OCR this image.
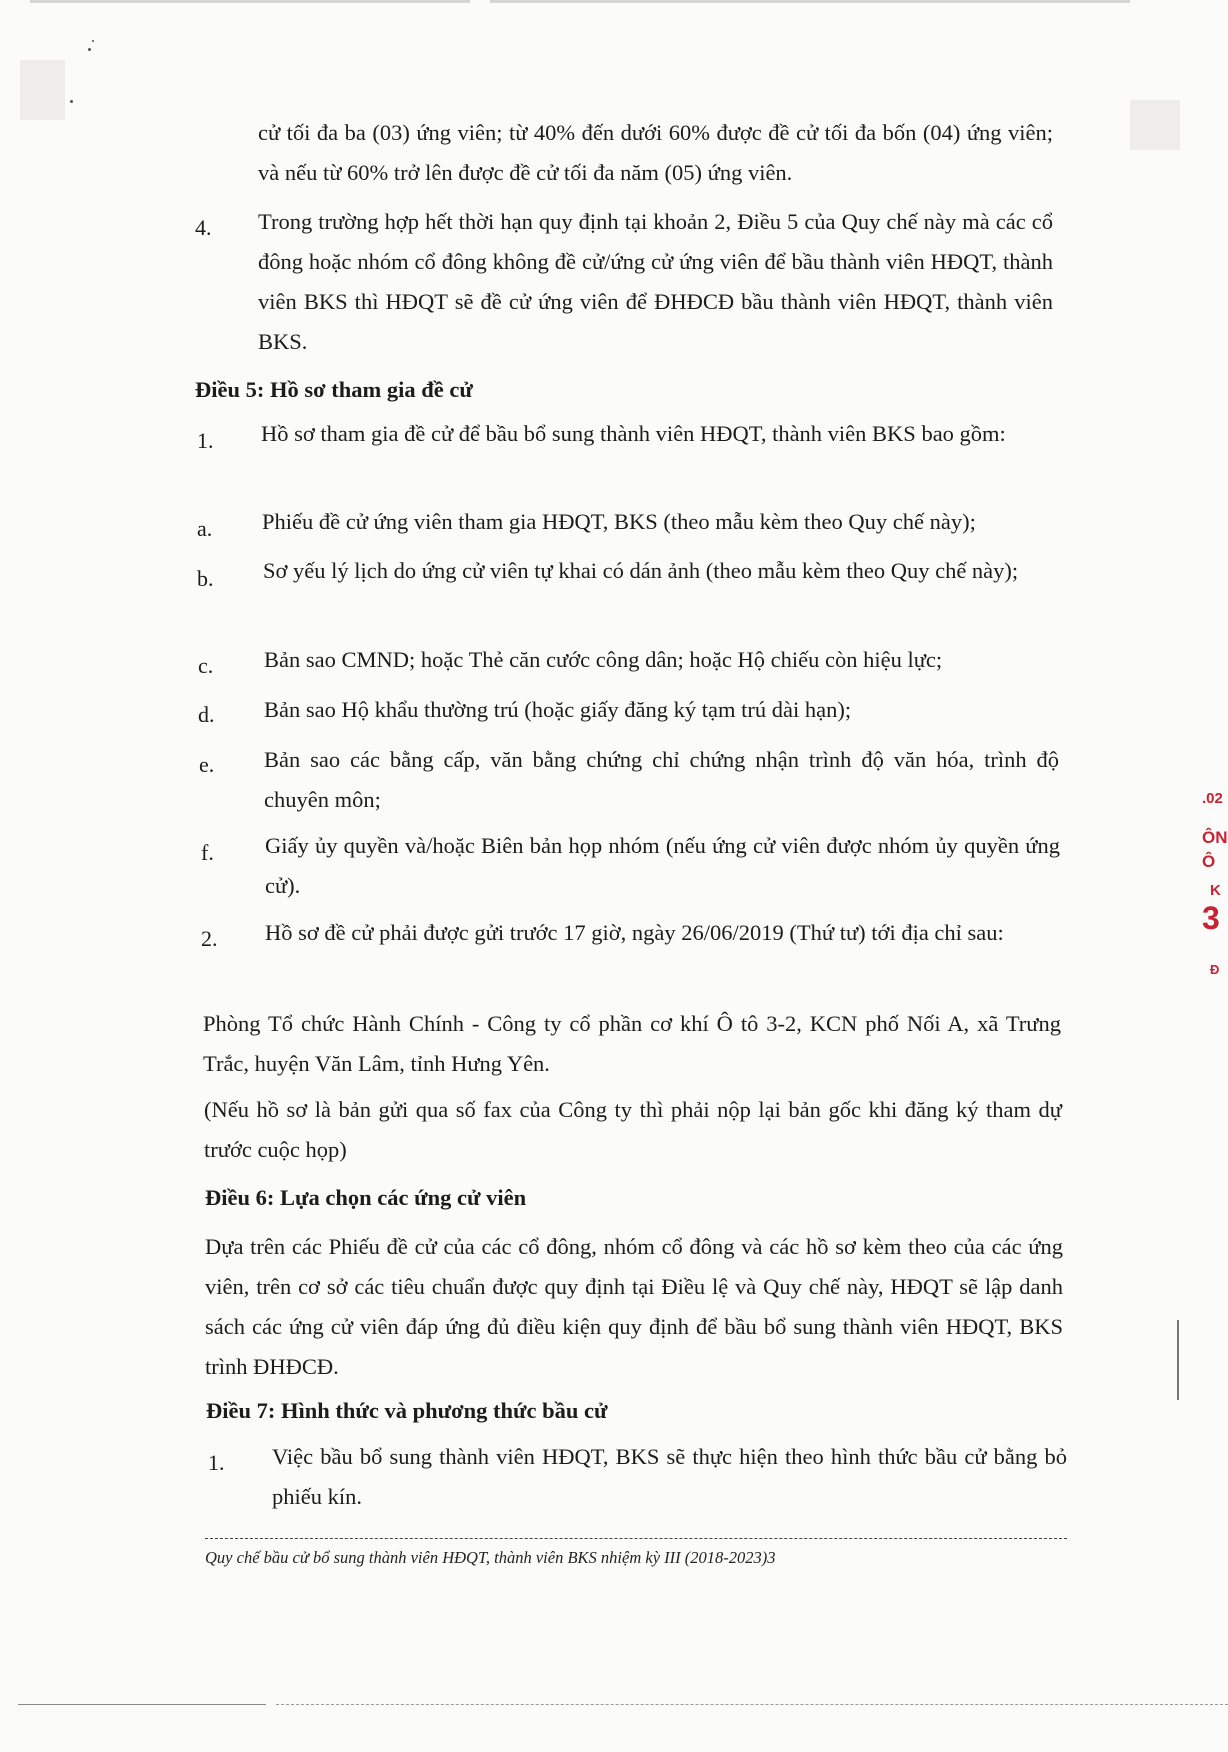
cử tối đa ba (03) ứng viên; từ 40% đến dưới 60% được đề cử tối đa bốn (04) ứng viên; và nếu từ 60% trở lên được đề cử tối đa năm (05) ứng viên.
4. Trong trường hợp hết thời hạn quy định tại khoản 2, Điều 5 của Quy chế này mà các cổ đông hoặc nhóm cổ đông không đề cử/ứng cử ứng viên để bầu thành viên HĐQT, thành viên BKS thì HĐQT sẽ đề cử ứng viên để ĐHĐCĐ bầu thành viên HĐQT, thành viên BKS.
Điều 5: Hồ sơ tham gia đề cử
1. Hồ sơ tham gia đề cử để bầu bổ sung thành viên HĐQT, thành viên BKS bao gồm:
a. Phiếu đề cử ứng viên tham gia HĐQT, BKS (theo mẫu kèm theo Quy chế này);
b. Sơ yếu lý lịch do ứng cử viên tự khai có dán ảnh (theo mẫu kèm theo Quy chế này);
c. Bản sao CMND; hoặc Thẻ căn cước công dân; hoặc Hộ chiếu còn hiệu lực;
d. Bản sao Hộ khẩu thường trú (hoặc giấy đăng ký tạm trú dài hạn);
e. Bản sao các bằng cấp, văn bằng chứng chỉ chứng nhận trình độ văn hóa, trình độ chuyên môn;
f. Giấy ủy quyền và/hoặc Biên bản họp nhóm (nếu ứng cử viên được nhóm ủy quyền ứng cử).
2. Hồ sơ đề cử phải được gửi trước 17 giờ, ngày 26/06/2019 (Thứ tư) tới địa chỉ sau:
Phòng Tổ chức Hành Chính - Công ty cổ phần cơ khí Ô tô 3-2, KCN phố Nối A, xã Trưng Trắc, huyện Văn Lâm, tỉnh Hưng Yên.
(Nếu hồ sơ là bản gửi qua số fax của Công ty thì phải nộp lại bản gốc khi đăng ký tham dự trước cuộc họp)
Điều 6: Lựa chọn các ứng cử viên
Dựa trên các Phiếu đề cử của các cổ đông, nhóm cổ đông và các hồ sơ kèm theo của các ứng viên, trên cơ sở các tiêu chuẩn được quy định tại Điều lệ và Quy chế này, HĐQT sẽ lập danh sách các ứng cử viên đáp ứng đủ điều kiện quy định để bầu bổ sung thành viên HĐQT, BKS trình ĐHĐCĐ.
Điều 7: Hình thức và phương thức bầu cử
1. Việc bầu bổ sung thành viên HĐQT, BKS sẽ thực hiện theo hình thức bầu cử bằng bỏ phiếu kín.
Quy chế bầu cử bổ sung thành viên HĐQT, thành viên BKS nhiệm kỳ III (2018-2023)3
.02
ÔN
Ô
K
3
Đ
